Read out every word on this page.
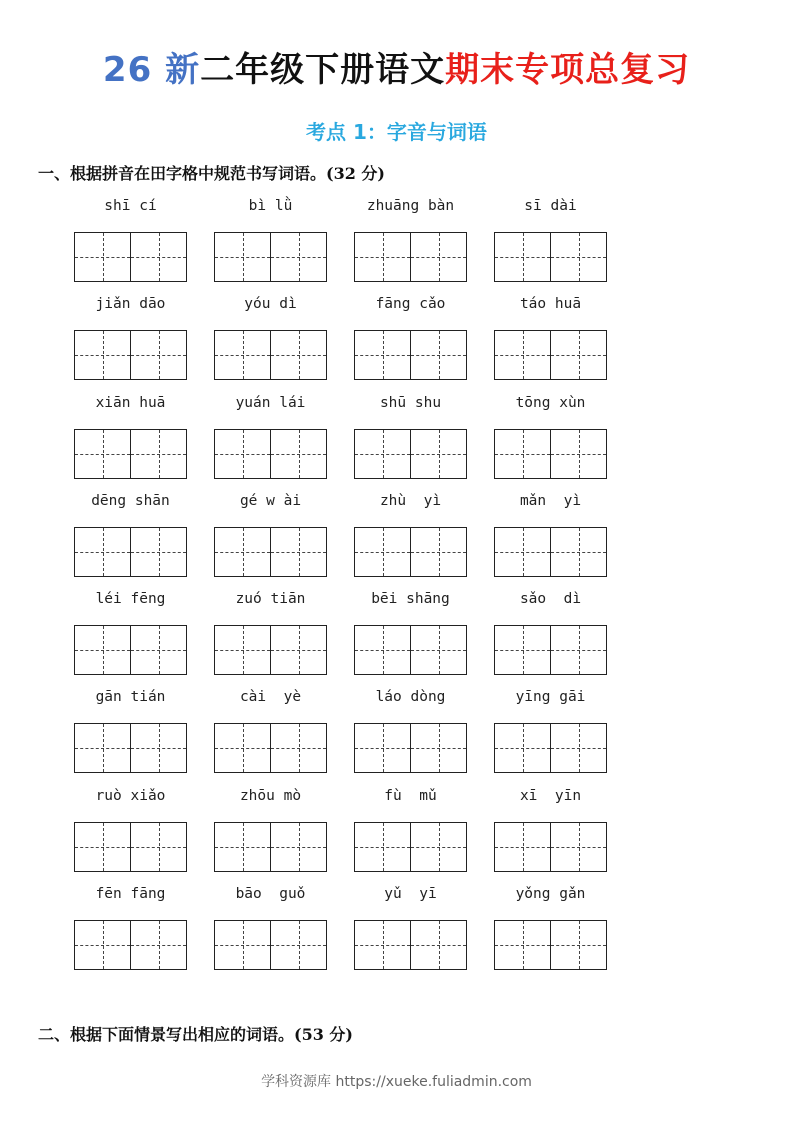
26 新二年级下册语文期末专项总复习
考点 1：字音与词语
一、根据拼音在田字格中规范书写词语。(32 分)
shī cí	bì lǜ	zhuāng bàn	sī dài
jiǎn dāo	yóu dì	fāng cǎo	táo huā
xiān huā	yuán lái	shū shu	tōng xùn
dēng shān	gé w ài	zhù  yì	mǎn  yì
léi fēng	zuó tiān	bēi shāng	sǎo  dì
gān tián	cài  yè	láo dòng	yīng gāi
ruò xiǎo	zhōu mò	fù  mǔ	xī  yīn
fēn fāng	bāo  guǒ	yǔ  yī	yǒng gǎn
二、根据下面情景写出相应的词语。(53 分)
学科资源库 https://xueke.fuliadmin.com
